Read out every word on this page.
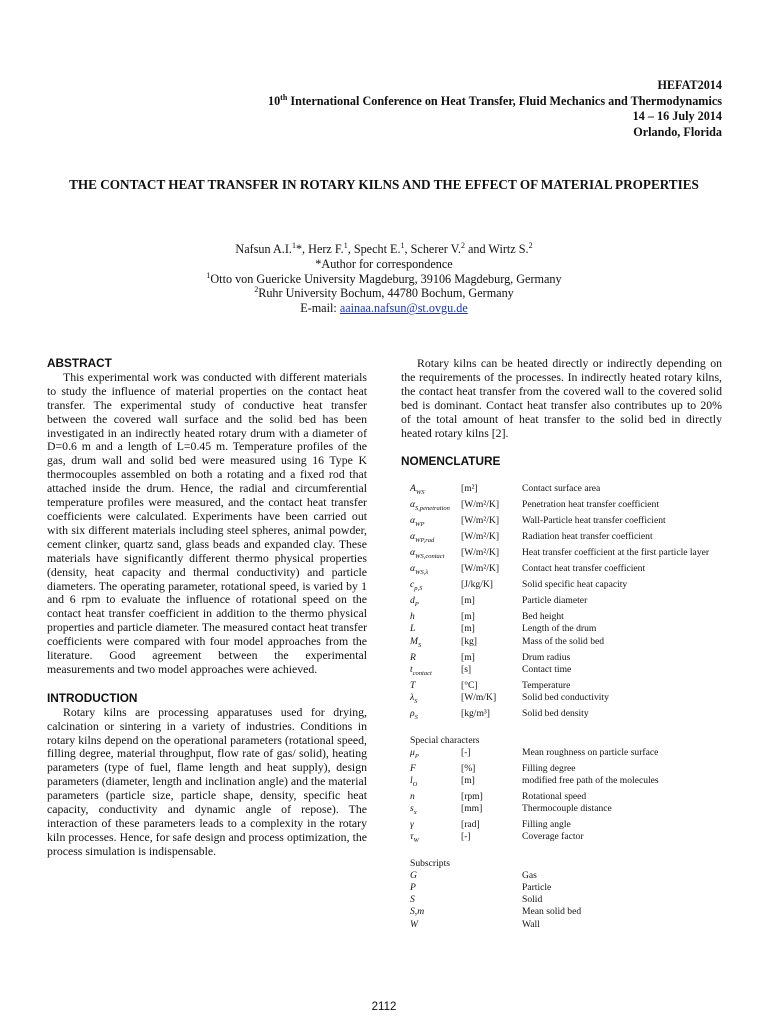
HEFAT2014
10th International Conference on Heat Transfer, Fluid Mechanics and Thermodynamics
14 – 16 July 2014
Orlando, Florida
THE CONTACT HEAT TRANSFER IN ROTARY KILNS AND THE EFFECT OF MATERIAL PROPERTIES
Nafsun A.I.$^1$*, Herz F.$^1$, Specht E.$^1$, Scherer V.$^2$ and Wirtz S.$^2$
*Author for correspondence
$^1$Otto von Guericke University Magdeburg, 39106 Magdeburg, Germany
$^2$Ruhr University Bochum, 44780 Bochum, Germany
E-mail: aainaa.nafsun@st.ovgu.de
ABSTRACT

This experimental work was conducted with different materials to study the influence of material properties on the contact heat transfer. The experimental study of conductive heat transfer between the covered wall surface and the solid bed has been investigated in an indirectly heated rotary drum with a diameter of D=0.6 m and a length of L=0.45 m. Temperature profiles of the gas, drum wall and solid bed were measured using 16 Type K thermocouples assembled on both a rotating and a fixed rod that attached inside the drum. Hence, the radial and circumferential temperature profiles were measured, and the contact heat transfer coefficients were calculated. Experiments have been carried out with six different materials including steel spheres, animal powder, cement clinker, quartz sand, glass beads and expanded clay. These materials have significantly different thermo physical properties (density, heat capacity and thermal conductivity) and particle diameters. The operating parameter, rotational speed, is varied by 1 and 6 rpm to evaluate the influence of rotational speed on the contact heat transfer coefficient in addition to the thermo physical properties and particle diameter. The measured contact heat transfer coefficients were compared with four model approaches from the literature. Good agreement between the experimental measurements and two model approaches were achieved.

INTRODUCTION

Rotary kilns are processing apparatuses used for drying, calcination or sintering in a variety of industries. Conditions in rotary kilns depend on the operational parameters (rotational speed, filling degree, material throughput, flow rate of gas/ solid), heating parameters (type of fuel, flame length and heat supply), design parameters (diameter, length and inclination angle) and the material parameters (particle size, particle shape, density, specific heat capacity, conductivity and dynamic angle of repose). The interaction of these parameters leads to a complexity in the rotary kiln processes. Hence, for safe design and process optimization, the process simulation is indispensable.

Rotary kilns can be heated directly or indirectly depending on the requirements of the processes. In indirectly heated rotary kilns, the contact heat transfer from the covered wall to the covered solid bed is dominant. Contact heat transfer also contributes up to 20% of the total amount of heat transfer to the solid bed in directly heated rotary kilns [2].

NOMENCLATURE
$A_{WS}$	[m²]	Contact surface area
$\alpha_{S,penetration}$	[W/m²/K]	Penetration heat transfer coefficient
$\alpha_{WP}$	[W/m²/K]	Wall-Particle heat transfer coefficient
$\alpha_{WP,rad}$	[W/m²/K]	Radiation heat transfer coefficient
$\alpha_{WS,contact}$	[W/m²/K]	Heat transfer coefficient at the first particle layer
$\alpha_{WS,\lambda}$	[W/m²/K]	Contact heat transfer coefficient
$c_{p,S}$	[J/kg/K]	Solid specific heat capacity
$d_P$	[m]	Particle diameter
h	[m]	Bed height
L	[m]	Length of the drum
$M_S$	[kg]	Mass of the solid bed
R	[m]	Drum radius
$t_{contact}$	[s]	Contact time
T	[°C]	Temperature
$\lambda_S$	[W/m/K]	Solid bed conductivity
$\rho_S$	[kg/m³]	Solid bed density
Special characters
$\mu_P$	[-]	Mean roughness on particle surface
F	[%]	Filling degree
$l_O$	[m]	modified free path of the molecules
n	[rpm]	Rotational speed
$s_x$	[mm]	Thermocouple distance
γ	[rad]	Filling angle
$\tau_W$	[-]	Coverage factor
Subscripts
G	Gas
P	Particle
S	Solid
S,m	Mean solid bed
W	Wall
2112
